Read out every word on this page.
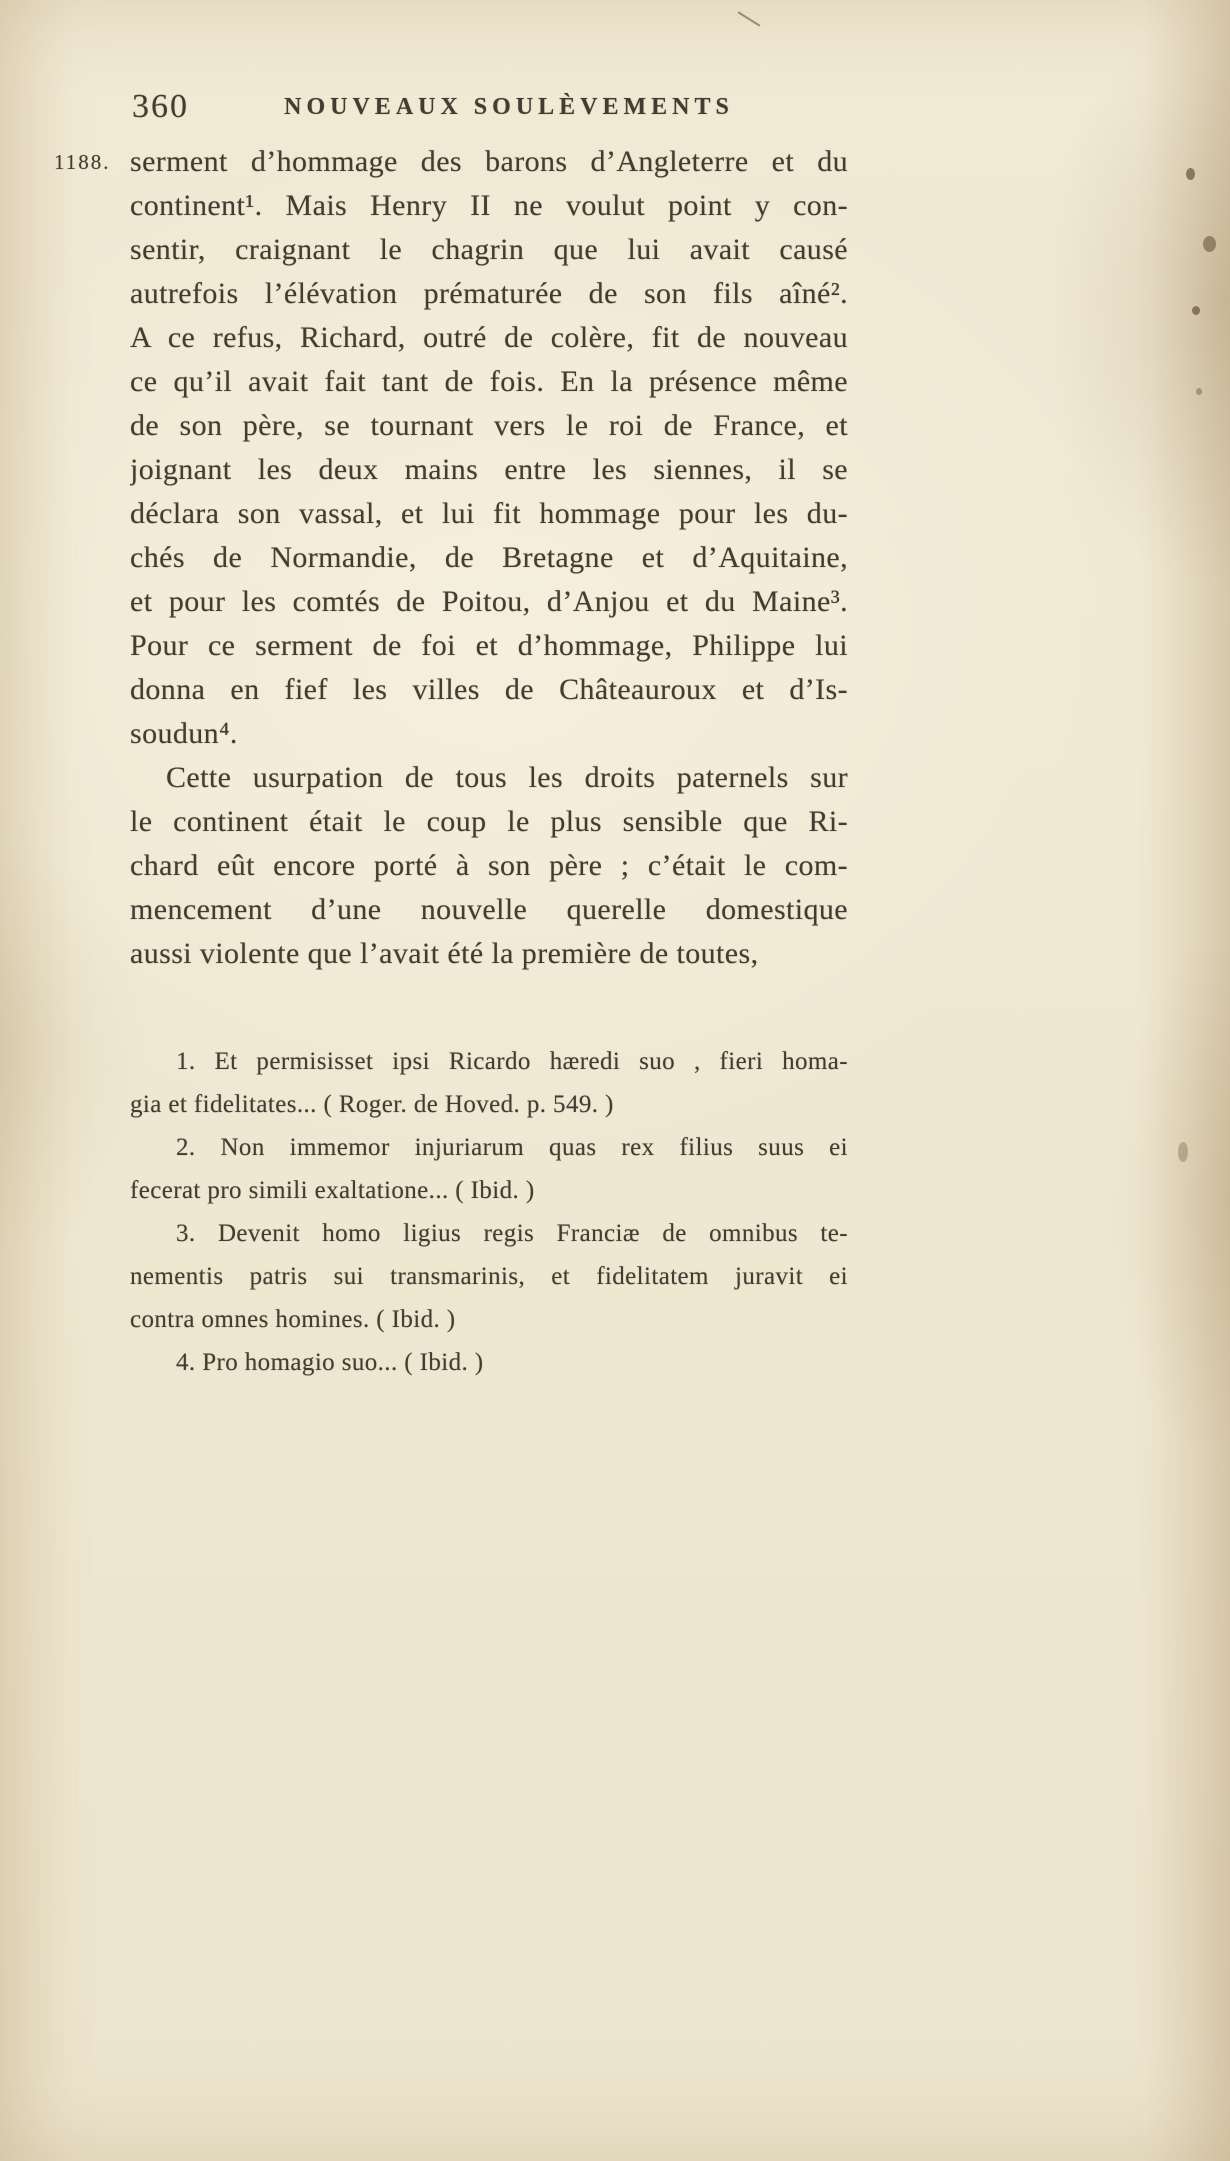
360	NOUVEAUX SOULÈVEMENTS
1188. serment d’hommage des barons d’Angleterre et du
continent¹. Mais Henry II ne voulut point y con-
sentir, craignant le chagrin que lui avait causé
autrefois l’élévation prématurée de son fils aîné².
A ce refus, Richard, outré de colère, fit de nouveau
ce qu’il avait fait tant de fois. En la présence même
de son père, se tournant vers le roi de France, et
joignant les deux mains entre les siennes, il se
déclara son vassal, et lui fit hommage pour les du-
chés de Normandie, de Bretagne et d’Aquitaine,
et pour les comtés de Poitou, d’Anjou et du Maine³.
Pour ce serment de foi et d’hommage, Philippe lui
donna en fief les villes de Châteauroux et d’Is-
soudun⁴.
Cette usurpation de tous les droits paternels sur
le continent était le coup le plus sensible que Ri-
chard eût encore porté à son père ; c’était le com-
mencement d’une nouvelle querelle domestique
aussi violente que l’avait été la première de toutes,
1. Et permisisset ipsi Ricardo hæredi suo , fieri homa-
gia et fidelitates... ( Roger. de Hoved. p. 549. )
2. Non immemor injuriarum quas rex filius suus ei
fecerat pro simili exaltatione... ( Ibid. )
3. Devenit homo ligius regis Franciæ de omnibus te-
nementis patris sui transmarinis, et fidelitatem juravit ei
contra omnes homines. ( Ibid. )
4. Pro homagio suo... ( Ibid. )
